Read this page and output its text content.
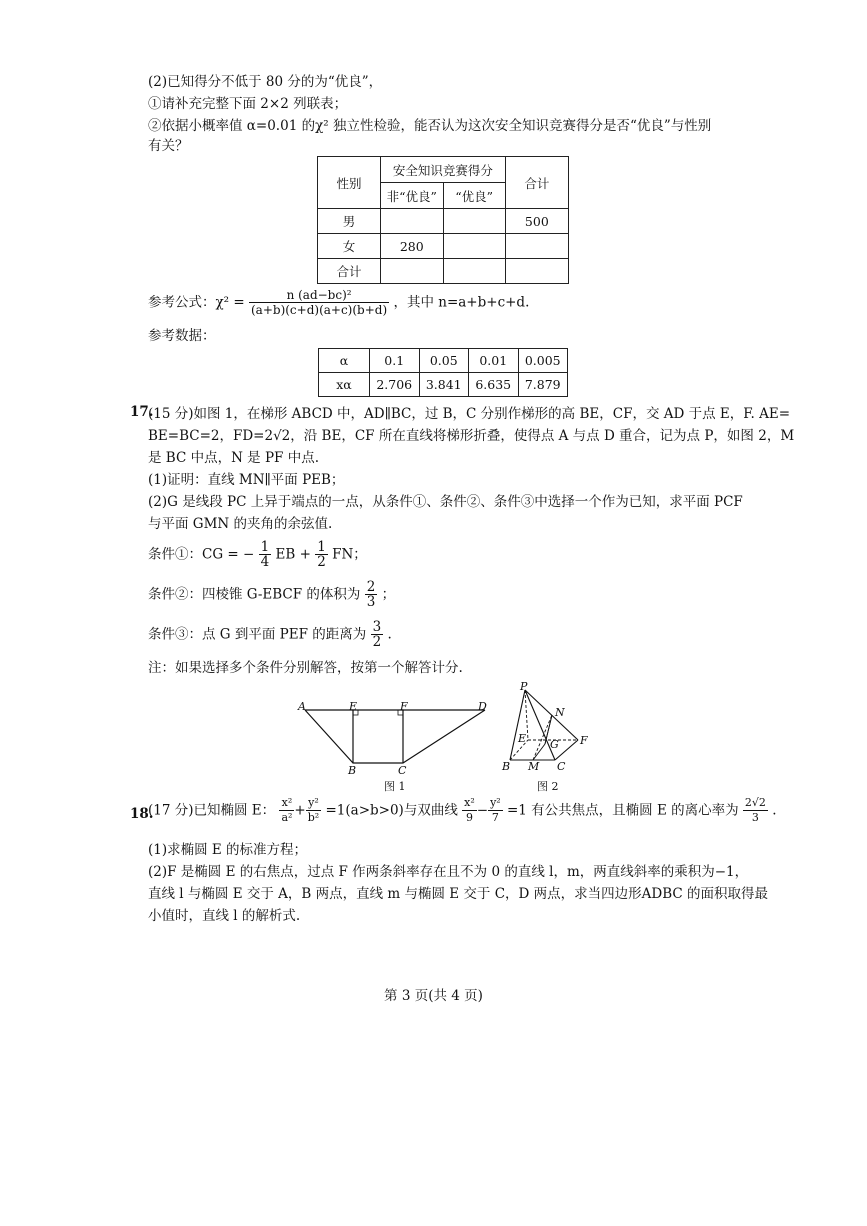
(2)已知得分不低于 80 分的为“优良”，
①请补充完整下面 2×2 列联表；
②依据小概率值 α=0.01 的χ² 独立性检验，能否认为这次安全知识竞赛得分是否“优良”与性别
有关？
性别	安全知识竞赛得分		合计
	非“优良”	“优良”	
男			500
女	280		
合计			
参考公式：$\chi^2 = \frac{\text{n (ad−bc)²}}{(a+b)(c+d)(a+c)(b+d)}$ ，其中 n=a+b+c+d.
参考数据：
α	0.1	0.05	0.01	0.005
xα	2.706	3.841	6.635	7.879
17.
(15 分)如图 1，在梯形 ABCD 中，AD∥BC，过 B，C 分别作梯形的高 BE，CF，交 AD 于点 E，F. AE=
BE=BC=2，FD=2√2，沿 BE，CF 所在直线将梯形折叠，使得点 A 与点 D 重合，记为点 P，如图 2，M
是 BC 中点，N 是 PF 中点.
(1)证明：直线 MN∥平面 PEB；
(2)G 是线段 PC 上异于端点的一点，从条件①、条件②、条件③中选择一个作为已知，求平面 PCF
与平面 GMN 的夹角的余弦值.
条件①：CG = − $\frac{1}{4}$ EB + $\frac{1}{2}$ FN；
条件②：四棱锥 G-EBCF 的体积为 $\frac{2}{3}$ ；
条件③：点 G 到平面 PEF 的距离为 $\frac{3}{2}$ .
注：如果选择多个条件分别解答，按第一个解答计分.
A	E	F	D
B	C
图 1
P
N
E G F
B M C
图 2
18.
(17 分)已知椭圆 E： $\frac{\text{x²}}{\text{a²}} + \frac{\text{y²}}{\text{b²}} =1(a>b>0)$与双曲线 $\frac{\text{x²}}{9} - \frac{\text{y²}}{7} =1$ 有公共焦点，且椭圆 E 的离心率为 $\frac{2√2}{3}$ .
(1)求椭圆 E 的标准方程；
(2)F 是椭圆 E 的右焦点，过点 F 作两条斜率存在且不为 0 的直线 l，m，两直线斜率的乘积为−1，
直线 l 与椭圆 E 交于 A，B 两点，直线 m 与椭圆 E 交于 C，D 两点，求当四边形ADBC 的面积取得最
小值时，直线 l 的解析式.
第 3 页(共 4 页)
